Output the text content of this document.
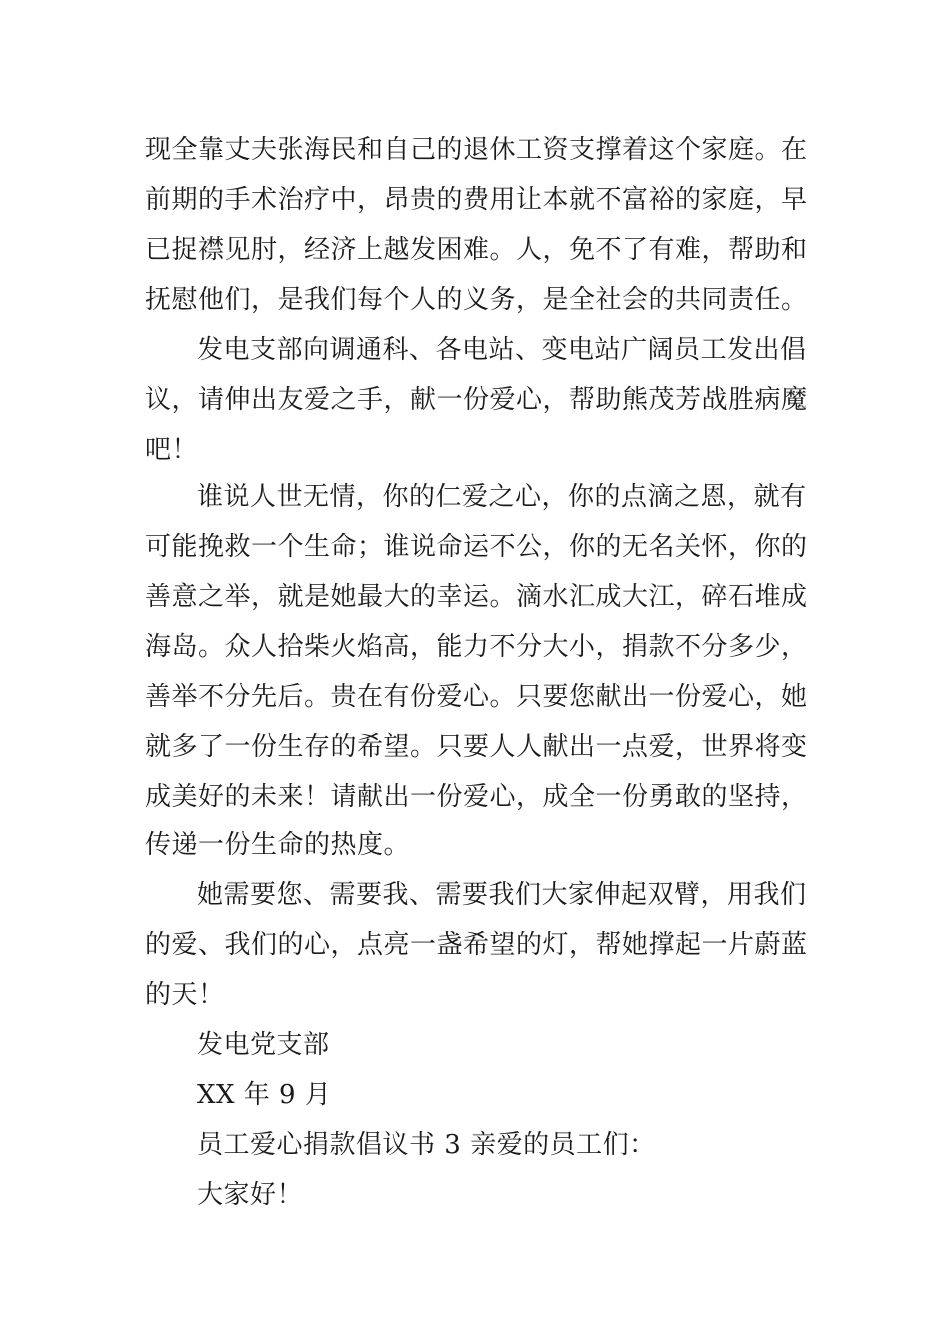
现全靠丈夫张海民和自己的退休工资支撑着这个家庭。在

前期的手术治疗中，昂贵的费用让本就不富裕的家庭，早

已捉襟见肘，经济上越发困难。人，免不了有难，帮助和

抚慰他们，是我们每个人的义务，是全社会的共同责任。

发电支部向调通科、各电站、变电站广阔员工发出倡

议，请伸出友爱之手，献一份爱心，帮助熊茂芳战胜病魔

吧！

谁说人世无情，你的仁爱之心，你的点滴之恩，就有

可能挽救一个生命；谁说命运不公，你的无名关怀，你的

善意之举，就是她最大的幸运。滴水汇成大江，碎石堆成

海岛。众人拾柴火焰高，能力不分大小，捐款不分多少，

善举不分先后。贵在有份爱心。只要您献出一份爱心，她

就多了一份生存的希望。只要人人献出一点爱，世界将变

成美好的未来！请献出一份爱心，成全一份勇敢的坚持，

传递一份生命的热度。

她需要您、需要我、需要我们大家伸起双臂，用我们

的爱、我们的心，点亮一盏希望的灯，帮她撑起一片蔚蓝

的天！

发电党支部

XX 年 9 月

员工爱心捐款倡议书 3 亲爱的员工们：

大家好！
